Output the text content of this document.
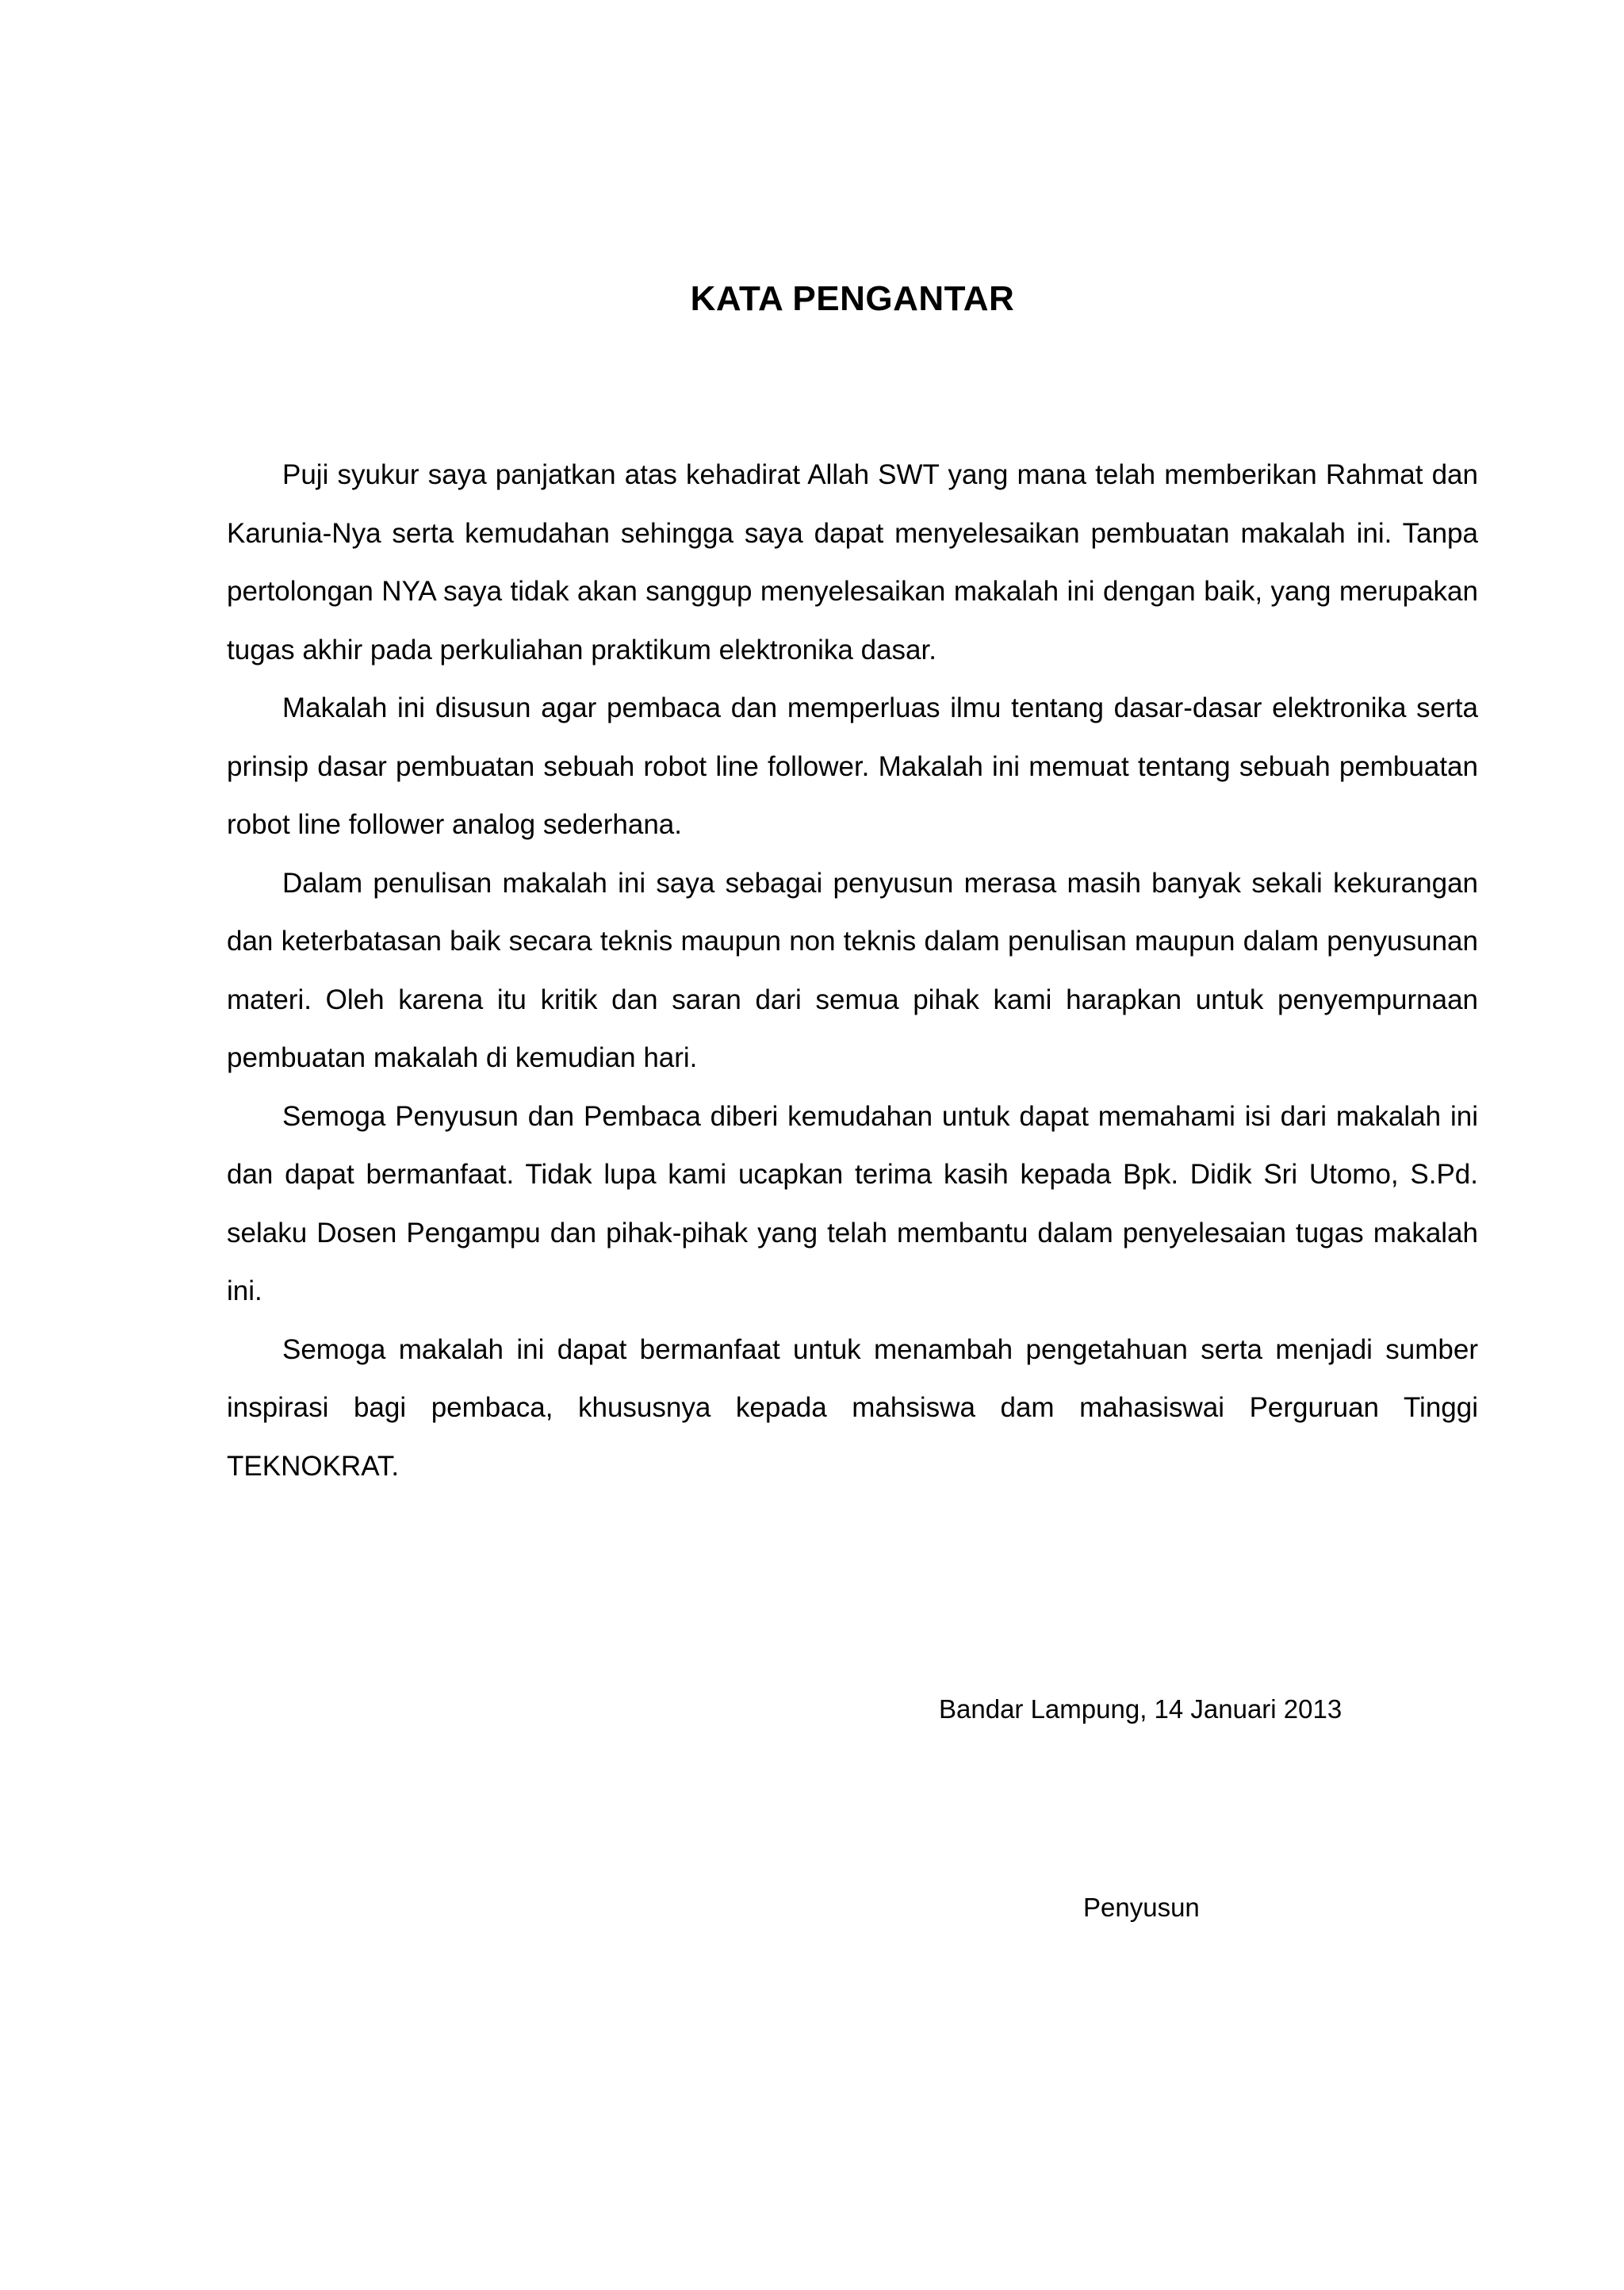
KATA PENGANTAR

Puji syukur saya panjatkan atas kehadirat Allah SWT yang mana telah memberikan Rahmat dan Karunia-Nya serta kemudahan sehingga saya dapat menyelesaikan pembuatan makalah ini. Tanpa pertolongan NYA saya tidak akan sanggup menyelesaikan makalah ini dengan baik, yang merupakan tugas akhir pada perkuliahan praktikum elektronika dasar.

Makalah ini disusun agar pembaca dan memperluas ilmu tentang dasar-dasar elektronika serta prinsip dasar pembuatan sebuah robot line follower. Makalah ini memuat tentang sebuah pembuatan robot line follower analog sederhana.

Dalam penulisan makalah ini saya sebagai penyusun merasa masih banyak sekali kekurangan dan keterbatasan baik secara teknis maupun non teknis dalam penulisan maupun dalam penyusunan materi. Oleh karena itu kritik dan saran dari semua pihak kami harapkan untuk penyempurnaan pembuatan makalah di kemudian hari.

Semoga Penyusun dan Pembaca diberi kemudahan untuk dapat memahami isi dari makalah ini dan dapat bermanfaat. Tidak lupa kami ucapkan terima kasih kepada Bpk. Didik Sri Utomo, S.Pd. selaku Dosen Pengampu dan pihak-pihak yang telah membantu dalam penyelesaian tugas makalah ini.

Semoga makalah ini dapat bermanfaat untuk menambah pengetahuan serta menjadi sumber inspirasi bagi pembaca, khususnya kepada mahsiswa dam mahasiswai Perguruan Tinggi TEKNOKRAT.

Bandar Lampung, 14 Januari 2013
Penyusun
